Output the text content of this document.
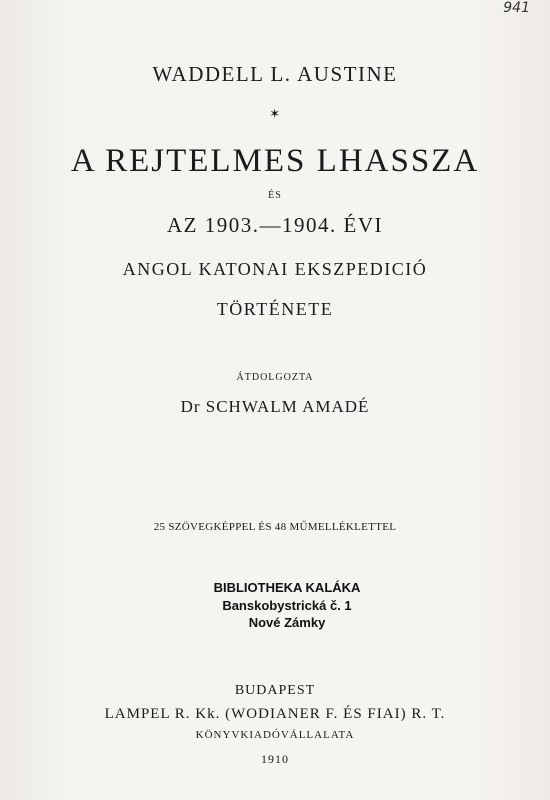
941
WADDELL L. AUSTINE
✶
A REJTELMES LHASSZA
ÉS
AZ 1903.—1904. ÉVI
ANGOL KATONAI EKSZPEDICIÓ
TÖRTÉNETE
ÁTDOLGOZTA
Dr SCHWALM AMADÉ
25 SZÖVEGKÉPPEL ÉS 48 MŰMELLÉKLETTEL
BIBLIOTHEKA KALÁKA
Banskobystrická č. 1
Nové Zámky
BUDAPEST
LAMPEL R. Kk. (WODIANER F. ÉS FIAI) R. T.
KÖNYVKIADÓVÁLLALATA
1910
